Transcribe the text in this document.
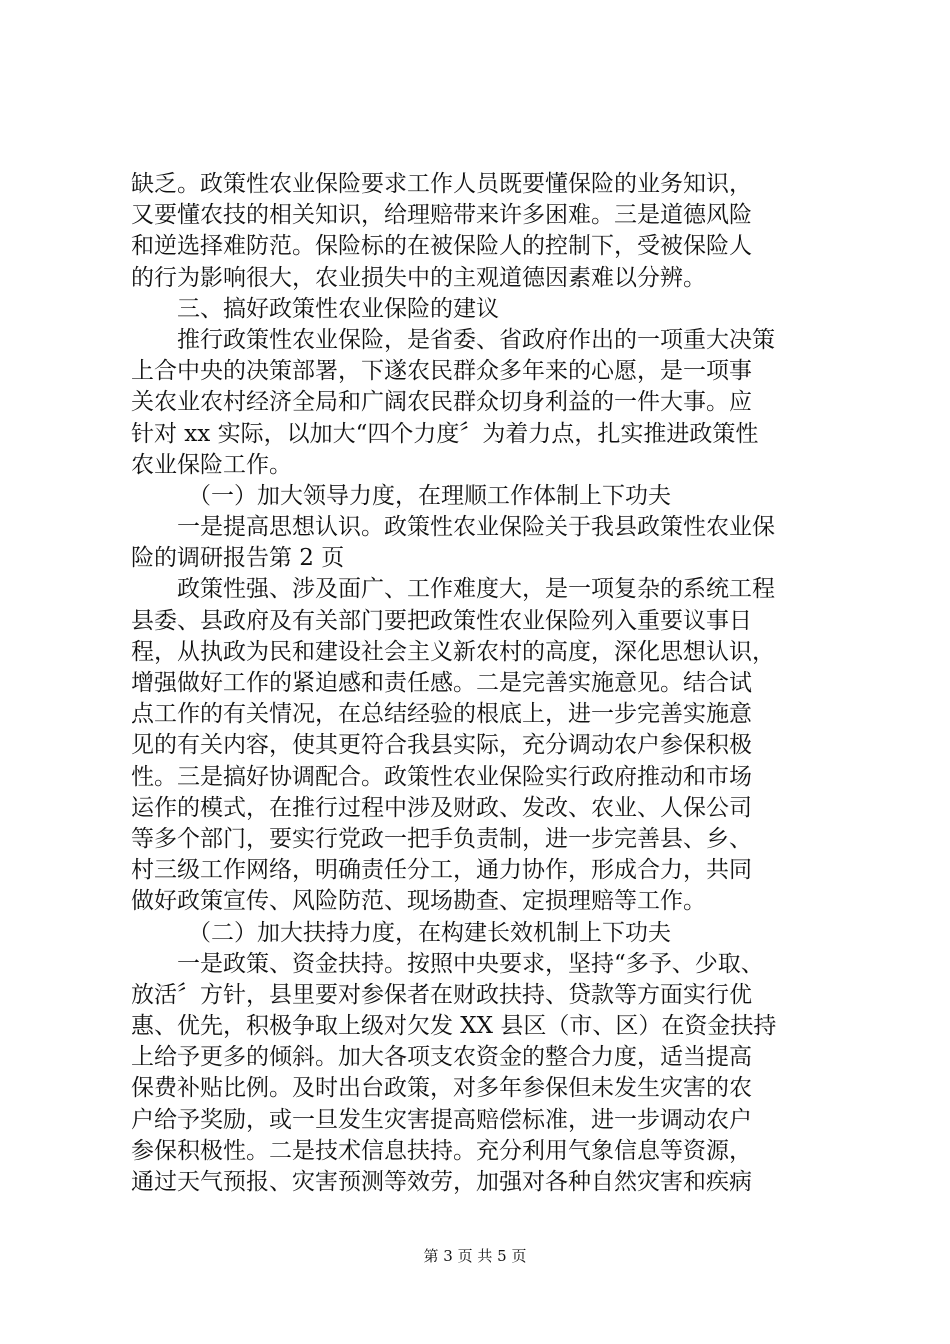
缺乏。政策性农业保险要求工作人员既要懂保险的业务知识，
又要懂农技的相关知识，给理赔带来许多困难。三是道德风险
和逆选择难防范。保险标的在被保险人的控制下，受被保险人
的行为影响很大，农业损失中的主观道德因素难以分辨。
三、搞好政策性农业保险的建议
推行政策性农业保险，是省委、省政府作出的一项重大决策
上合中央的决策部署，下遂农民群众多年来的心愿，是一项事
关农业农村经济全局和广阔农民群众切身利益的一件大事。应
针对 xx 实际，以加大“四个力度〞为着力点，扎实推进政策性
农业保险工作。
（一）加大领导力度，在理顺工作体制上下功夫
一是提高思想认识。政策性农业保险关于我县政策性农业保
险的调研报告第 2 页
政策性强、涉及面广、工作难度大，是一项复杂的系统工程
县委、县政府及有关部门要把政策性农业保险列入重要议事日
程，从执政为民和建设社会主义新农村的高度，深化思想认识，
增强做好工作的紧迫感和责任感。二是完善实施意见。结合试
点工作的有关情况，在总结经验的根底上，进一步完善实施意
见的有关内容，使其更符合我县实际，充分调动农户参保积极
性。三是搞好协调配合。政策性农业保险实行政府推动和市场
运作的模式，在推行过程中涉及财政、发改、农业、人保公司
等多个部门，要实行党政一把手负责制，进一步完善县、乡、
村三级工作网络，明确责任分工，通力协作，形成合力，共同
做好政策宣传、风险防范、现场勘查、定损理赔等工作。
（二）加大扶持力度，在构建长效机制上下功夫
一是政策、资金扶持。按照中央要求，坚持“多予、少取、
放活〞方针，县里要对参保者在财政扶持、贷款等方面实行优
惠、优先，积极争取上级对欠发 XX 县区（市、区）在资金扶持
上给予更多的倾斜。加大各项支农资金的整合力度，适当提高
保费补贴比例。及时出台政策，对多年参保但未发生灾害的农
户给予奖励，或一旦发生灾害提高赔偿标准，进一步调动农户
参保积极性。二是技术信息扶持。充分利用气象信息等资源，
通过天气预报、灾害预测等效劳，加强对各种自然灾害和疾病
第 3 页 共 5 页
